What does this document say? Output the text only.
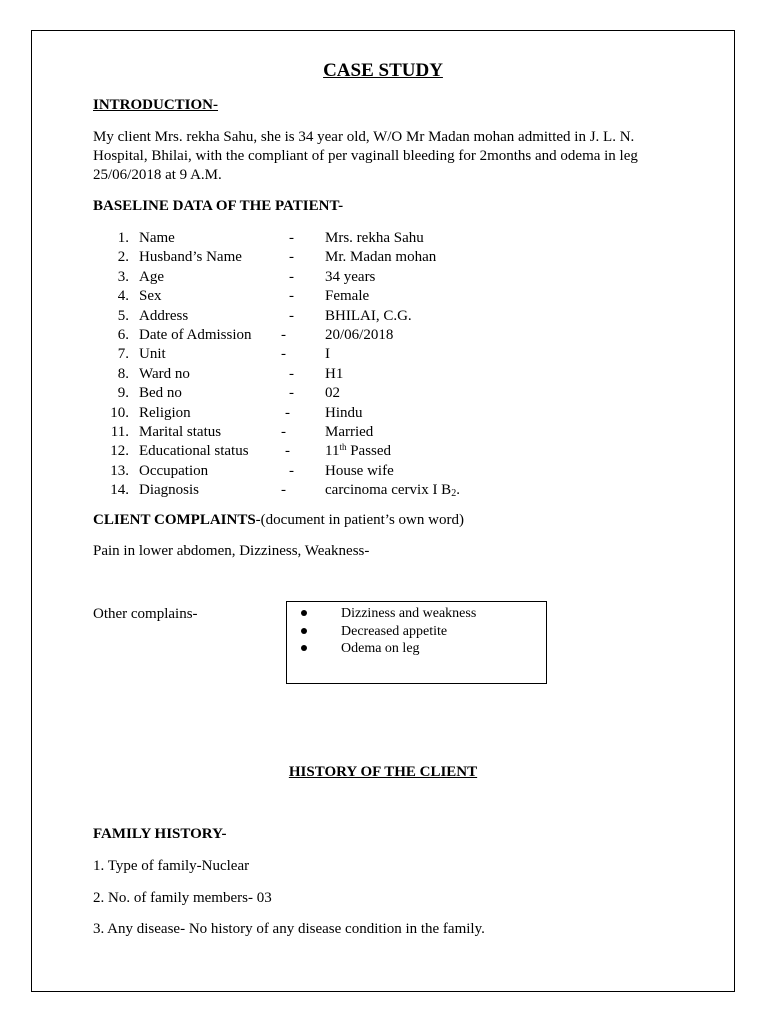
CASE STUDY
INTRODUCTION-
My client Mrs. rekha Sahu, she is 34 year old, W/O Mr Madan mohan admitted in J. L. N. Hospital, Bhilai, with the compliant of per vaginall bleeding for 2months and odema in leg 25/06/2018 at 9 A.M.
BASELINE DATA OF THE PATIENT-
1. Name	- Mrs. rekha Sahu
2. Husband’s Name	- Mr. Madan mohan
3. Age	- 34 years
4. Sex	- Female
5. Address	- BHILAI, C.G.
6. Date of Admission -	20/06/2018
7. Unit	-	I
8. Ward no	- H1
9. Bed no	- 02
10. Religion	- Hindu
11. Marital status	-	Married
12. Educational status - 11th Passed
13. Occupation	- House wife
14. Diagnosis	-	carcinoma cervix I $B_2$.
CLIENT COMPLAINTS-(document in patient’s own word)
Pain in lower abdomen, Dizziness, Weakness-
Other complains-	Dizziness and weakness
Decreased appetite
Odema on leg
HISTORY OF THE CLIENT
FAMILY HISTORY-
1. Type of family-Nuclear
2. No. of family members- 03
3. Any disease- No history of any disease condition in the family.
